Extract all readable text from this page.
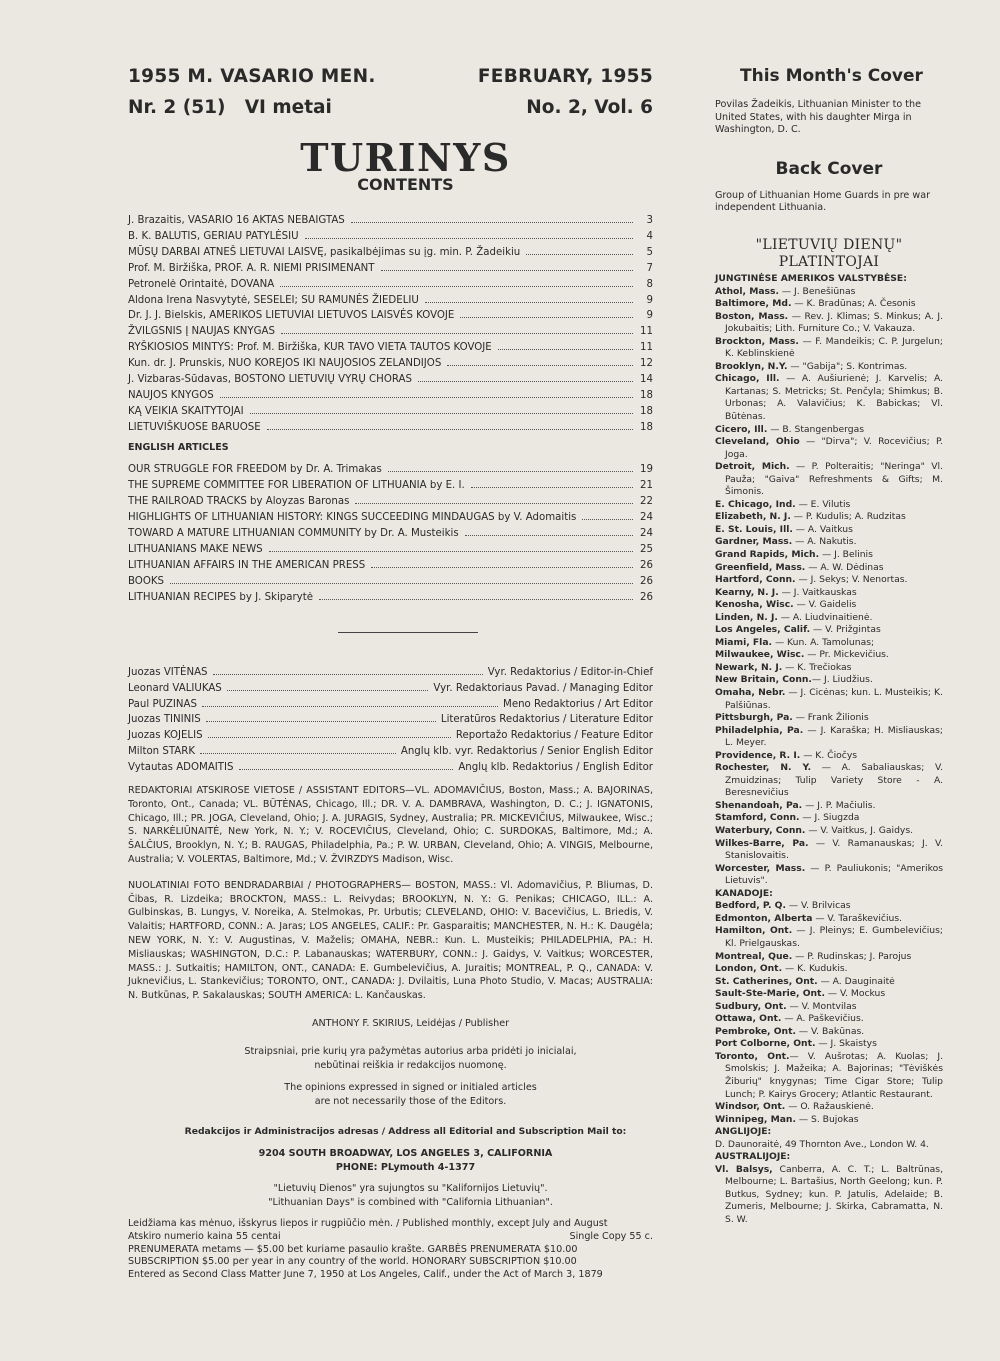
1955 M. VASARIO MEN.	FEBRUARY, 1955
Nr. 2 (51)   VI metai	No. 2, Vol. 6
TURINYS
CONTENTS
J. Brazaitis, VASARIO 16 AKTAS NEBAIGTAS	3
B. K. BALUTIS, GERIAU PATYLĖSIU	4
MŪSŲ DARBAI ATNEŠ LIETUVAI LAISVĘ, pasikalbėjimas su įg. min. P. Žadeikiu	5
Prof. M. Biržiška, PROF. A. R. NIEMI PRISIMENANT	7
Petronelė Orintaitė, DOVANA	8
Aldona Irena Nasvytytė, SESELEI; SU RAMUNĖS ŽIEDELIU	9
Dr. J. J. Bielskis, AMERIKOS LIETUVIAI LIETUVOS LAISVĖS KOVOJE	9
ŽVILGSNIS Į NAUJAS KNYGAS	11
RYŠKIOSIOS MINTYS: Prof. M. Biržiška, KUR TAVO VIETA TAUTOS KOVOJE	11
Kun. dr. J. Prunskis, NUO KOREJOS IKI NAUJOSIOS ZELANDIJOS	12
J. Vizbaras-Sūdavas, BOSTONO LIETUVIŲ VYRŲ CHORAS	14
NAUJOS KNYGOS	18
KĄ VEIKIA SKAITYTOJAI	18
LIETUVIŠKUOSE BARUOSE	18
ENGLISH ARTICLES
OUR STRUGGLE FOR FREEDOM by Dr. A. Trimakas	19
THE SUPREME COMMITTEE FOR LIBERATION OF LITHUANIA by E. I.	21
THE RAILROAD TRACKS by Aloyzas Baronas	22
HIGHLIGHTS OF LITHUANIAN HISTORY: KINGS SUCCEEDING MINDAUGAS by V. Adomaitis	24
TOWARD A MATURE LITHUANIAN COMMUNITY by Dr. A. Musteikis	24
LITHUANIANS MAKE NEWS	25
LITHUANIAN AFFAIRS IN THE AMERICAN PRESS	26
BOOKS	26
LITHUANIAN RECIPES by J. Skiparytė	26
Juozas VITĖNAS	Vyr. Redaktorius / Editor-in-Chief
Leonard VALIUKAS	Vyr. Redaktoriaus Pavad. / Managing Editor
Paul PUZINAS	Meno Redaktorius / Art Editor
Juozas TININIS	Literatūros Redaktorius / Literature Editor
Juozas KOJELIS	Reportažo Redaktorius / Feature Editor
Milton STARK	Anglų klb. vyr. Redaktorius / Senior English Editor
Vytautas ADOMAITIS	Anglų klb. Redaktorius / English Editor
REDAKTORIAI ATSKIROSE VIETOSE / ASSISTANT EDITORS—VL. ADOMAVIČIUS, Boston, Mass.; A. BAJORINAS, Toronto, Ont., Canada; VL. BŪTĖNAS, Chicago, Ill.; DR. V. A. DAMBRAVA, Washington, D. C.; J. IGNATONIS, Chicago, Ill.; PR. JOGA, Cleveland, Ohio; J. A. JURAGIS, Sydney, Australia; PR. MICKEVIČIUS, Milwaukee, Wisc.; S. NARKĖLIŪNAITĖ, New York, N. Y.; V. ROCEVIČIUS, Cleveland, Ohio; C. SURDOKAS, Baltimore, Md.; A. ŠALČIUS, Brooklyn, N. Y.; B. RAUGAS, Philadelphia, Pa.; P. W. URBAN, Cleveland, Ohio; A. VINGIS, Melbourne, Australia; V. VOLERTAS, Baltimore, Md.; V. ŽVIRZDYS Madison, Wisc.
NUOLATINIAI FOTO BENDRADARBIAI / PHOTOGRAPHERS— BOSTON, MASS.: Vl. Adomavičius, P. Bliumas, D. Čibas, R. Lizdeika; BROCKTON, MASS.: L. Reivydas; BROOKLYN, N. Y.: G. Penikas; CHICAGO, ILL.: A. Gulbinskas, B. Lungys, V. Noreika, A. Stelmokas, Pr. Urbutis; CLEVELAND, OHIO: V. Bacevičius, L. Briedis, V. Valaitis; HARTFORD, CONN.: A. Jaras; LOS ANGELES, CALIF.: Pr. Gasparaitis; MANCHESTER, N. H.: K. Daugėla; NEW YORK, N. Y.: V. Augustinas, V. Maželis; OMAHA, NEBR.: Kun. L. Musteikis; PHILADELPHIA, PA.: H. Misliauskas; WASHINGTON, D.C.: P. Labanauskas; WATERBURY, CONN.: J. Gaidys, V. Vaitkus; WORCESTER, MASS.: J. Sutkaitis; HAMILTON, ONT., CANADA: E. Gumbelevičius, A. Juraitis; MONTREAL, P. Q., CANADA: V. Juknevičius, L. Stankevičius; TORONTO, ONT., CANADA: J. Dvilaitis, Luna Photo Studio, V. Macas; AUSTRALIA: N. Butkūnas, P. Sakalauskas; SOUTH AMERICA: L. Kančauskas.
ANTHONY F. SKIRIUS, Leidėjas / Publisher
Straipsniai, prie kurių yra pažymėtas autorius arba pridėti jo inicialai,
nebūtinai reiškia ir redakcijos nuomonę.
The opinions expressed in signed or initialed articles
are not necessarily those of the Editors.
Redakcijos ir Administracijos adresas / Address all Editorial and Subscription Mail to:
9204 SOUTH BROADWAY, LOS ANGELES 3, CALIFORNIA
PHONE: PLymouth 4-1377
"Lietuvių Dienos" yra sujungtos su "Kalifornijos Lietuvių".
"Lithuanian Days" is combined with "California Lithuanian".
Leidžiama kas mėnuo, išskyrus liepos ir rugpiūčio mėn. / Published monthly, except July and August
Atskiro numerio kaina 55 centai	Single Copy 55 c.
PRENUMERATA metams — $5.00 bet kuriame pasaulio krašte. GARBĖS PRENUMERATA $10.00
SUBSCRIPTION $5.00 per year in any country of the world. HONORARY SUBSCRIPTION $10.00
Entered as Second Class Matter June 7, 1950 at Los Angeles, Calif., under the Act of March 3, 1879
This Month's Cover
Povilas Žadeikis, Lithuanian Minister to the United States, with his daughter Mirga in Washington, D. C.
Back Cover
Group of Lithuanian Home Guards in pre war independent Lithuania.
"LIETUVIŲ DIENŲ"
PLATINTOJAI
JUNGTINĖSE AMERIKOS VALSTYBĖSE:
Athol, Mass. — J. Benešiūnas
Baltimore, Md. — K. Bradūnas; A. Česonis
Boston, Mass. — Rev. J. Klimas; S. Minkus; A. J. Jokubaitis; Lith. Furniture Co.; V. Vakauza.
Brockton, Mass. — F. Mandeikis; C. P. Jurgelun; K. Keblinskienė
Brooklyn, N.Y. — "Gabija"; S. Kontrimas.
Chicago, Ill. — A. Aušiurienė; J. Karvelis; A. Kartanas; S. Metricks; St. Penčyla; Shimkus; B. Urbonas; A. Valavičius; K. Babickas; Vl. Būtėnas.
Cicero, Ill. — B. Stangenbergas
Cleveland, Ohio — "Dirva"; V. Rocevičius; P. Joga.
Detroit, Mich. — P. Polteraitis; "Neringa" Vl. Pauža; "Gaiva" Refreshments & Gifts; M. Šimonis.
E. Chicago, Ind. — E. Vilutis
Elizabeth, N. J. — P. Kudulis; A. Rudzitas
E. St. Louis, Ill. — A. Vaitkus
Gardner, Mass. — A. Nakutis.
Grand Rapids, Mich. — J. Belinis
Greenfield, Mass. — A. W. Dėdinas
Hartford, Conn. — J. Sekys; V. Nenortas.
Kearny, N. J. — J. Vaitkauskas
Kenosha, Wisc. — V. Gaidelis
Linden, N. J. — A. Liudvinaitienė.
Los Angeles, Calif. — V. Prižgintas
Miami, Fla. — Kun. A. Tamolunas;
Milwaukee, Wisc. — Pr. Mickevičius.
Newark, N. J. — K. Trečiokas
New Britain, Conn.— J. Liudžius.
Omaha, Nebr. — J. Cicėnas; kun. L. Musteikis; K. Palšiūnas.
Pittsburgh, Pa. — Frank Žilionis
Philadelphia, Pa. — J. Karaška; H. Misliauskas; L. Meyer.
Providence, R. I. — K. Čiočys
Rochester, N. Y. — A. Sabaliauskas; V. Zmuidzinas; Tulip Variety Store - A. Beresnevičius
Shenandoah, Pa. — J. P. Mačiulis.
Stamford, Conn. — J. Siugzda
Waterbury, Conn. — V. Vaitkus, J. Gaidys.
Wilkes-Barre, Pa. — V. Ramanauskas; J. V. Stanislovaitis.
Worcester, Mass. — P. Pauliukonis; "Amerikos Lietuvis".
KANADOJE:
Bedford, P. Q. — V. Brilvicas
Edmonton, Alberta — V. Taraškevičius.
Hamilton, Ont. — J. Pleinys; E. Gumbelevičius; Kl. Prielgauskas.
Montreal, Que. — P. Rudinskas; J. Parojus
London, Ont. — K. Kudukis.
St. Catherines, Ont. — A. Dauginaitė
Sault-Ste-Marie, Ont. — V. Mockus
Sudbury, Ont. — V. Montvilas
Ottawa, Ont. — A. Paškevičius.
Pembroke, Ont. — V. Bakūnas.
Port Colborne, Ont. — J. Skaistys
Toronto, Ont.— V. Aušrotas; A. Kuolas; J. Smolskis; J. Mažeika; A. Bajorinas; "Tėviškės Žiburių" knygynas; Time Cigar Store; Tulip Lunch; P. Kairys Grocery; Atlantic Restaurant.
Windsor, Ont. — O. Ražauskienė.
Winnipeg, Man. — S. Bujokas
ANGLIJOJE:
D. Daunoraitė, 49 Thornton Ave., London W. 4.
AUSTRALIJOJE:
Vl. Balsys, Canberra, A. C. T.; L. Baltrūnas, Melbourne; L. Bartašius, North Geelong; kun. P. Butkus, Sydney; kun. P. Jatulis, Adelaide; B. Zumeris, Melbourne; J. Skirka, Cabramatta, N. S. W.
